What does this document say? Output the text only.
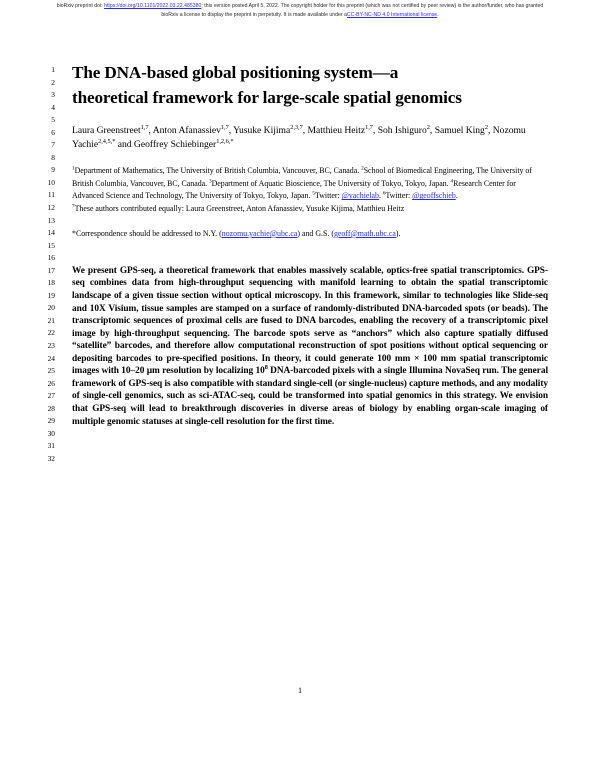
bioRxiv preprint doi: https://doi.org/10.1101/2022.03.22.485380; this version posted April 5, 2022. The copyright holder for this preprint (which was not certified by peer review) is the author/funder, who has granted bioRxiv a license to display the preprint in perpetuity. It is made available under aCC-BY-NC-ND 4.0 International license.
1
2
3
4
5
6
7
8
9
10
11
12
13
14
15
16
17
18
19
20
21
22
23
24
25
26
27
28
29
30
31
32
The DNA-based global positioning system—a
theoretical framework for large-scale spatial genomics
Laura Greenstreet$^{1,7}$, Anton Afanassiev$^{1,7}$, Yusuke Kijima$^{2,3,7}$, Matthieu Heitz$^{1,7}$, Soh Ishiguro$^2$, Samuel King$^2$, Nozomu Yachie$^{2,4,5,*}$ and Geoffrey Schiebinger$^{1,2,6,*}$
$^1$Department of Mathematics, The University of British Columbia, Vancouver, BC, Canada. $^2$School of Biomedical Engineering, The University of British Columbia, Vancouver, BC, Canada. $^3$Department of Aquatic Bioscience, The University of Tokyo, Tokyo, Japan. $^4$Research Center for Advanced Science and Technology, The University of Tokyo, Tokyo, Japan. $^5$Twitter: @yachielab. $^6$Twitter: @geoffschieb.
$^7$These authors contributed equally: Laura Greenstreet, Anton Afanassiev, Yusuke Kijima, Matthieu Heitz
*Correspondence should be addressed to N.Y. (nozomu.yachie@ubc.ca) and G.S. (geoff@math.ubc.ca).
We present GPS-seq, a theoretical framework that enables massively scalable, optics-free spatial transcriptomics. GPS-seq combines data from high-throughput sequencing with manifold learning to obtain the spatial transcriptomic landscape of a given tissue section without optical microscopy. In this framework, similar to technologies like Slide-seq and 10X Visium, tissue samples are stamped on a surface of randomly-distributed DNA-barcoded spots (or beads). The transcriptomic sequences of proximal cells are fused to DNA barcodes, enabling the recovery of a transcriptomic pixel image by high-throughput sequencing. The barcode spots serve as “anchors” which also capture spatially diffused “satellite” barcodes, and therefore allow computational reconstruction of spot positions without optical sequencing or depositing barcodes to pre-specified positions. In theory, it could generate 100 mm × 100 mm spatial transcriptomic images with 10–20 µm resolution by localizing $10^8$ DNA-barcoded pixels with a single Illumina NovaSeq run. The general framework of GPS-seq is also compatible with standard single-cell (or single-nucleus) capture methods, and any modality of single-cell genomics, such as sci-ATAC-seq, could be transformed into spatial genomics in this strategy. We envision that GPS-seq will lead to breakthrough discoveries in diverse areas of biology by enabling organ-scale imaging of multiple genomic statuses at single-cell resolution for the first time.
1
